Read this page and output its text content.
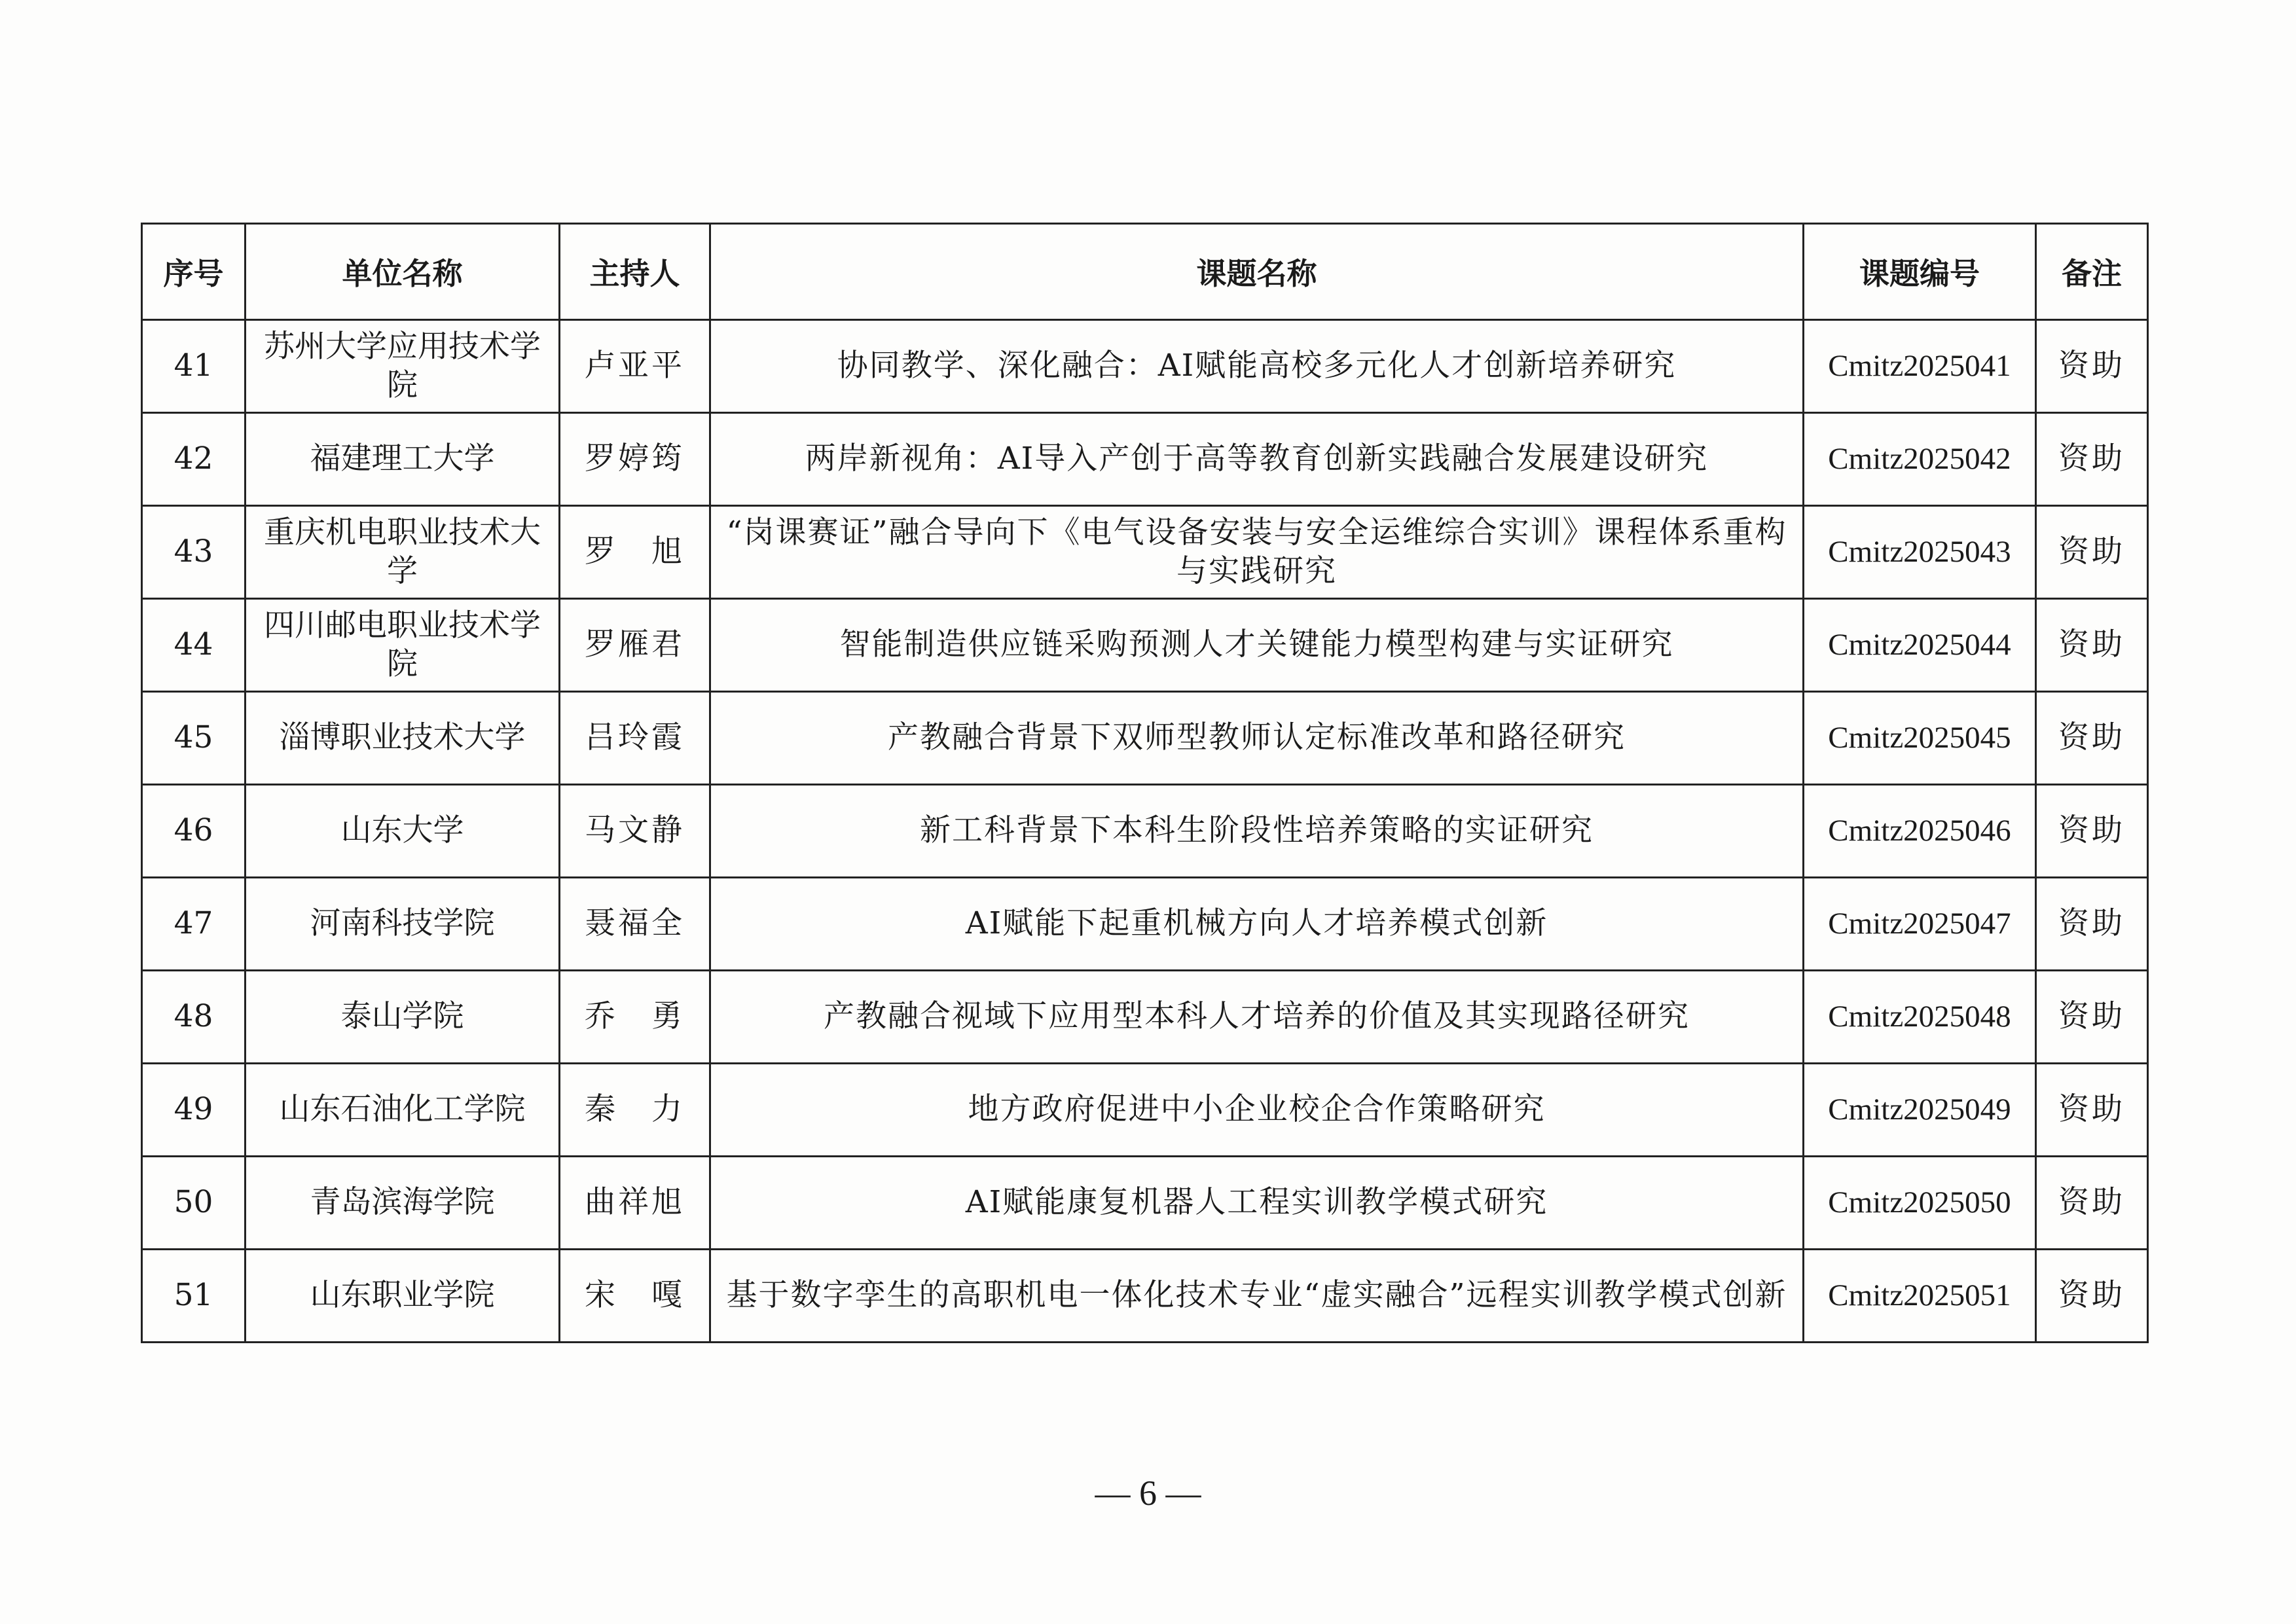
序号	单位名称	主持人	课题名称	课题编号	备注
41	苏州大学应用技术学院	卢亚平	协同教学、深化融合：AI赋能高校多元化人才创新培养研究	Cmitz2025041	资助
42	福建理工大学	罗婷筠	两岸新视角：AI导入产创于高等教育创新实践融合发展建设研究	Cmitz2025042	资助
43	重庆机电职业技术大学	罗　旭	“岗课赛证”融合导向下《电气设备安装与安全运维综合实训》课程体系重构与实践研究	Cmitz2025043	资助
44	四川邮电职业技术学院	罗雁君	智能制造供应链采购预测人才关键能力模型构建与实证研究	Cmitz2025044	资助
45	淄博职业技术大学	吕玲霞	产教融合背景下双师型教师认定标准改革和路径研究	Cmitz2025045	资助
46	山东大学	马文静	新工科背景下本科生阶段性培养策略的实证研究	Cmitz2025046	资助
47	河南科技学院	聂福全	AI赋能下起重机械方向人才培养模式创新	Cmitz2025047	资助
48	泰山学院	乔　勇	产教融合视域下应用型本科人才培养的价值及其实现路径研究	Cmitz2025048	资助
49	山东石油化工学院	秦　力	地方政府促进中小企业校企合作策略研究	Cmitz2025049	资助
50	青岛滨海学院	曲祥旭	AI赋能康复机器人工程实训教学模式研究	Cmitz2025050	资助
51	山东职业学院	宋　嘎	基于数字孪生的高职机电一体化技术专业“虚实融合”远程实训教学模式创新	Cmitz2025051	资助
— 6 —
